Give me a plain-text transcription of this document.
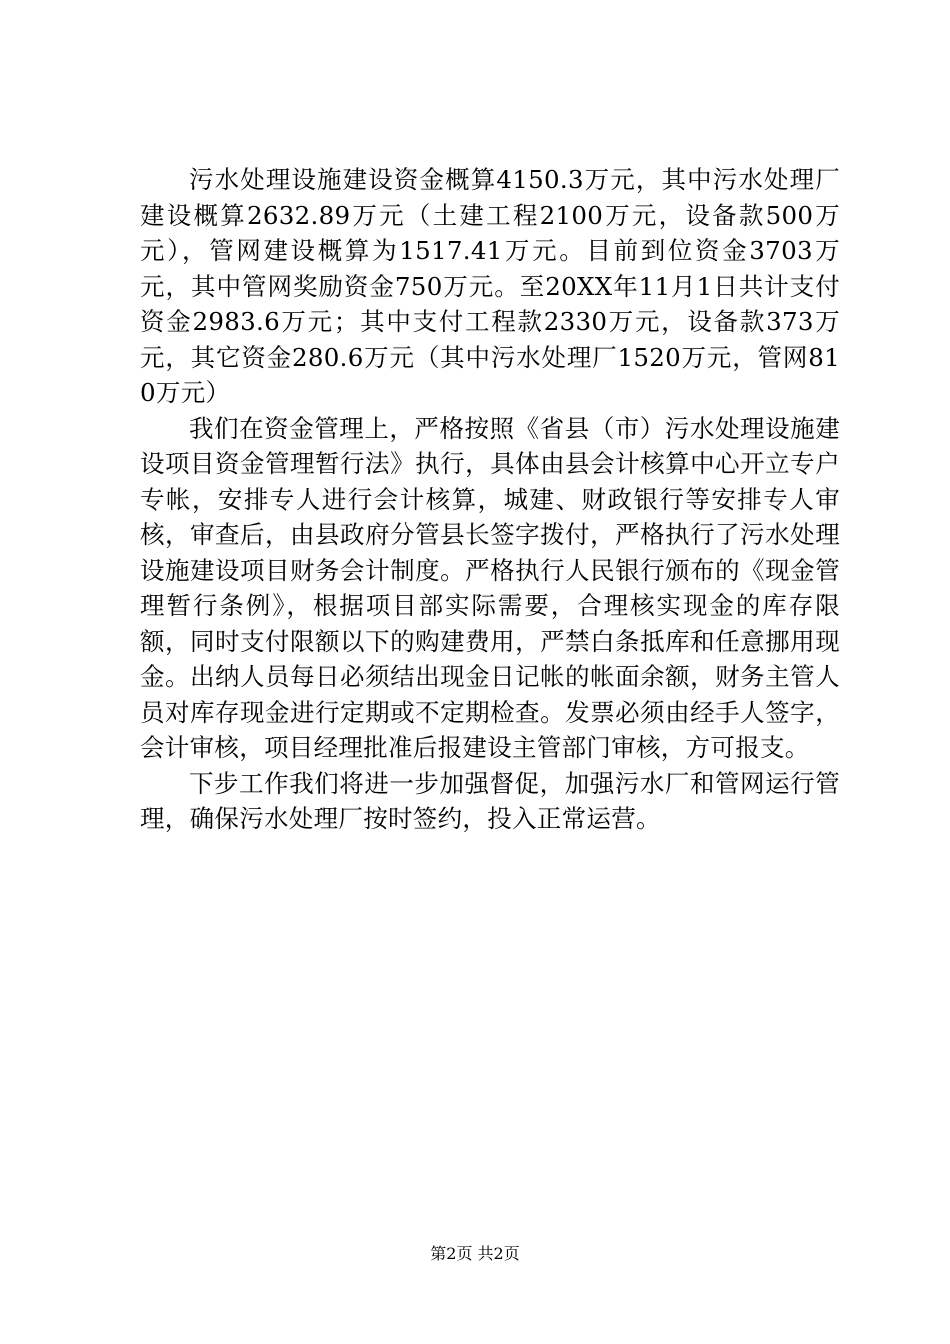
污水处理设施建设资金概算4150.3万元，其中污水处理厂建设概算2632.89万元（土建工程2100万元，设备款500万元），管网建设概算为1517.41万元。目前到位资金3703万元，其中管网奖励资金750万元。至20XX年11月1日共计支付资金2983.6万元；其中支付工程款2330万元，设备款373万元，其它资金280.6万元（其中污水处理厂1520万元，管网810万元）

我们在资金管理上，严格按照《省县（市）污水处理设施建设项目资金管理暂行法》执行，具体由县会计核算中心开立专户专帐，安排专人进行会计核算，城建、财政银行等安排专人审核，审查后，由县政府分管县长签字拨付，严格执行了污水处理设施建设项目财务会计制度。严格执行人民银行颁布的《现金管理暂行条例》，根据项目部实际需要，合理核实现金的库存限额，同时支付限额以下的购建费用，严禁白条抵库和任意挪用现金。出纳人员每日必须结出现金日记帐的帐面余额，财务主管人员对库存现金进行定期或不定期检查。发票必须由经手人签字，会计审核，项目经理批准后报建设主管部门审核，方可报支。

下步工作我们将进一步加强督促，加强污水厂和管网运行管理，确保污水处理厂按时签约，投入正常运营。

第2页 共2页
